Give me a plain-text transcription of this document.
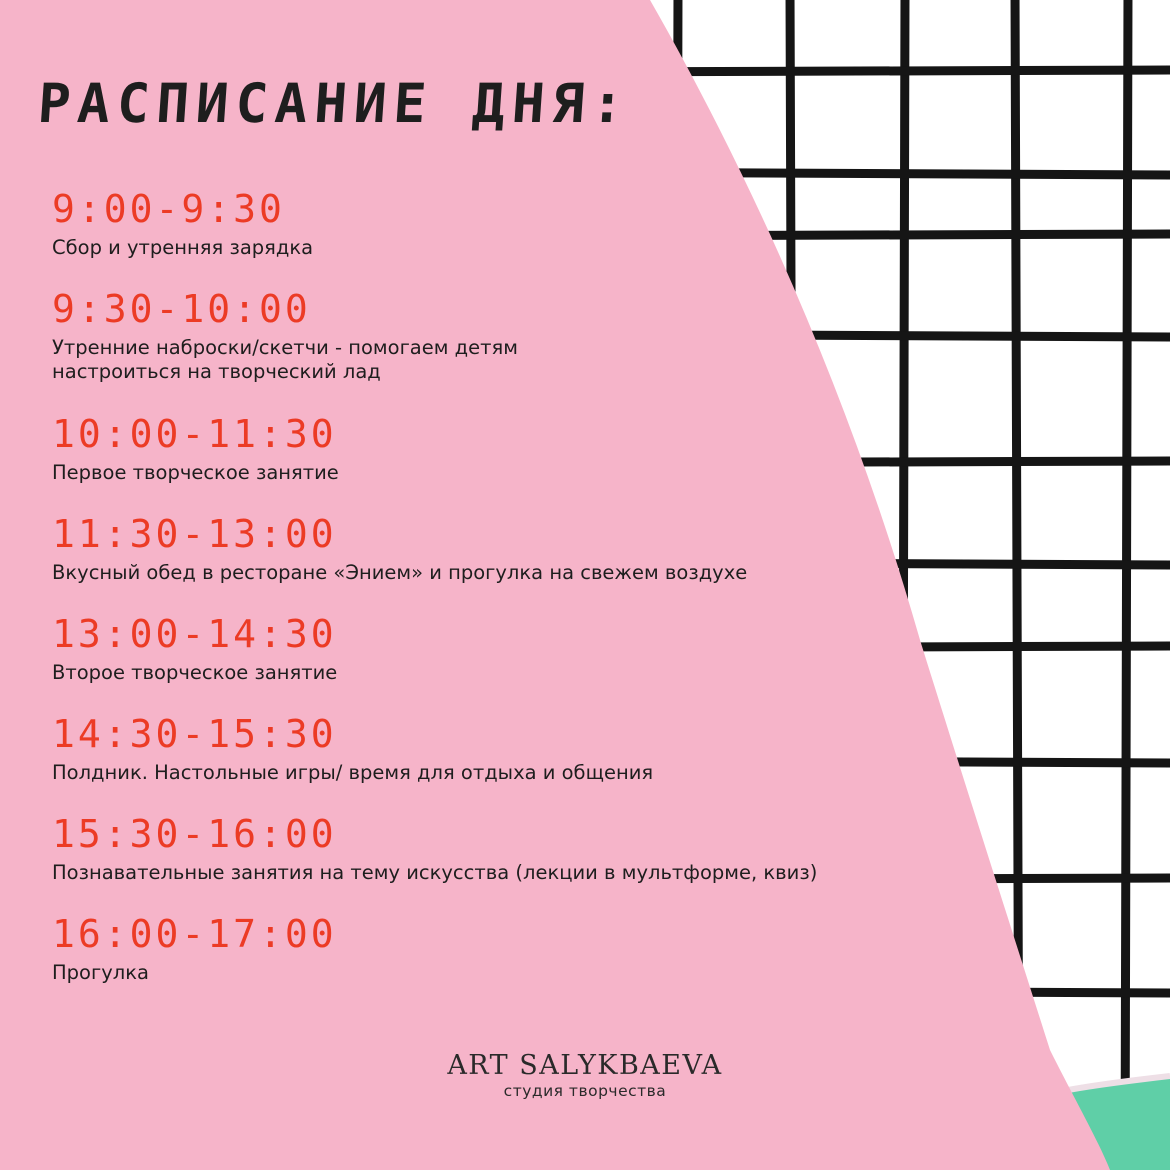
РАСПИСАНИЕ ДНЯ:
9:00-9:30
Сбор и утренняя зарядка
9:30-10:00
Утренние наброски/скетчи - помогаем детям
настроиться на творческий лад
10:00-11:30
Первое творческое занятие
11:30-13:00
Вкусный обед в ресторане «Энием» и прогулка на свежем воздухе
13:00-14:30
Второе творческое занятие
14:30-15:30
Полдник. Настольные игры/ время для отдыха и общения
15:30-16:00
Познавательные занятия на тему искусства (лекции в мультформе, квиз)
16:00-17:00
Прогулка
ART SALYKBAEVA
студия творчества
